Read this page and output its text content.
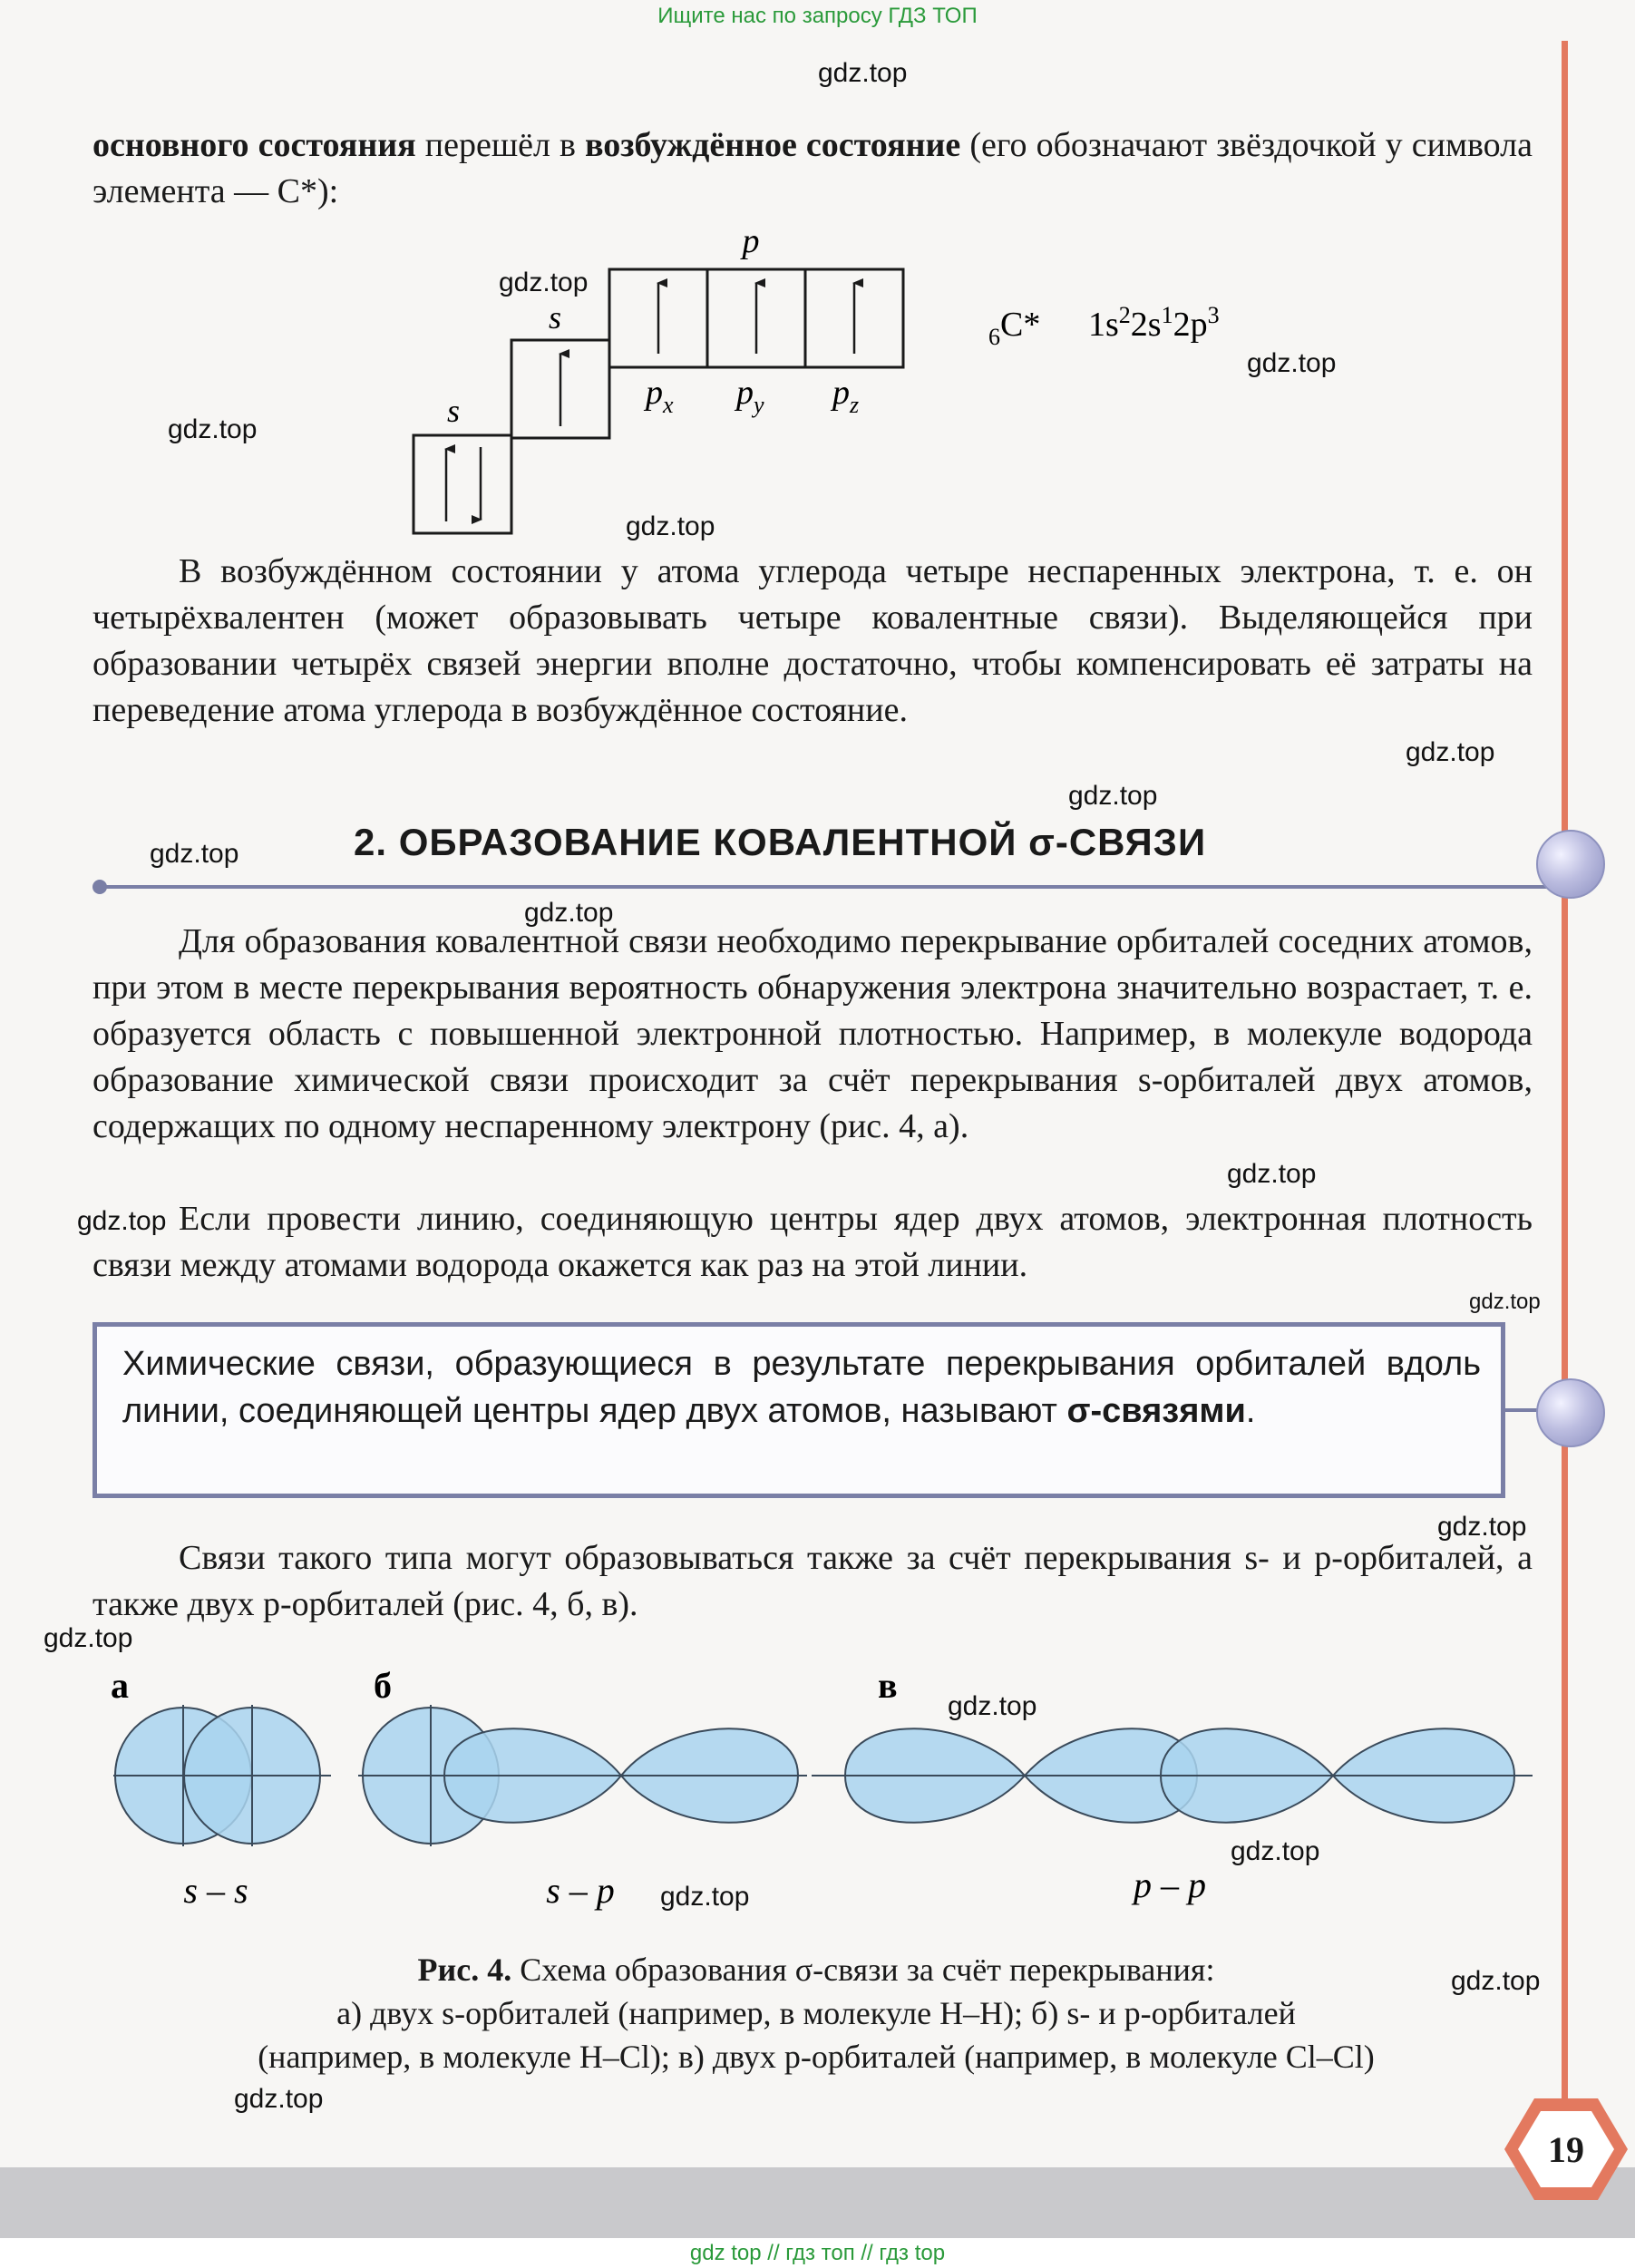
Ищите нас по запросу ГДЗ ТОП
gdz.top
gdz.top
gdz.top
gdz.top
gdz.top
gdz.top
gdz.top
gdz.top
gdz.top
gdz.top
gdz.top
gdz.top
gdz.top
gdz.top
gdz.top
gdz.top
gdz.top
gdz.top
gdz.top

основного состояния перешёл в возбуждённое состояние (его обозначают звёздочкой у символа элемента — C*):

s
s
p
$p_x$ $p_y$ $p_z$
$_6$C* $1s^22s^12p^3$

В возбуждённом состоянии у атома углерода четыре неспаренных электрона, т. е. он четырёхвалентен (может образовывать четыре ковалентные связи). Выделяющейся при образовании четырёх связей энергии вполне достаточно, чтобы компенсировать её затраты на переведение атома углерода в возбуждённое состояние.

2. ОБРАЗОВАНИЕ КОВАЛЕНТНОЙ σ-СВЯЗИ

Для образования ковалентной связи необходимо перекрывание орбиталей соседних атомов, при этом в месте перекрывания вероятность обнаружения электрона значительно возрастает, т. е. образуется область с повышенной электронной плотностью. Например, в молекуле водорода образование химической связи происходит за счёт перекрывания s-орбиталей двух атомов, содержащих по одному неспаренному электрону (рис. 4, а).

Если провести линию, соединяющую центры ядер двух атомов, электронная плотность связи между атомами водорода окажется как раз на этой линии.

Химические связи, образующиеся в результате перекрывания орбиталей вдоль линии, соединяющей центры ядер двух атомов, называют σ-связями.

Связи такого типа могут образовываться также за счёт перекрывания s- и p-орбиталей, а также двух p-орбиталей (рис. 4, б, в).

а
s – s
б
s – p
в
p – p
Рис. 4. Схема образования σ-связи за счёт перекрывания:
а) двух s-орбиталей (например, в молекуле H–H); б) s- и p-орбиталей
(например, в молекуле H–Cl); в) двух p-орбиталей (например, в молекуле Cl–Cl)
19
gdz top // гдз топ // гдз top
